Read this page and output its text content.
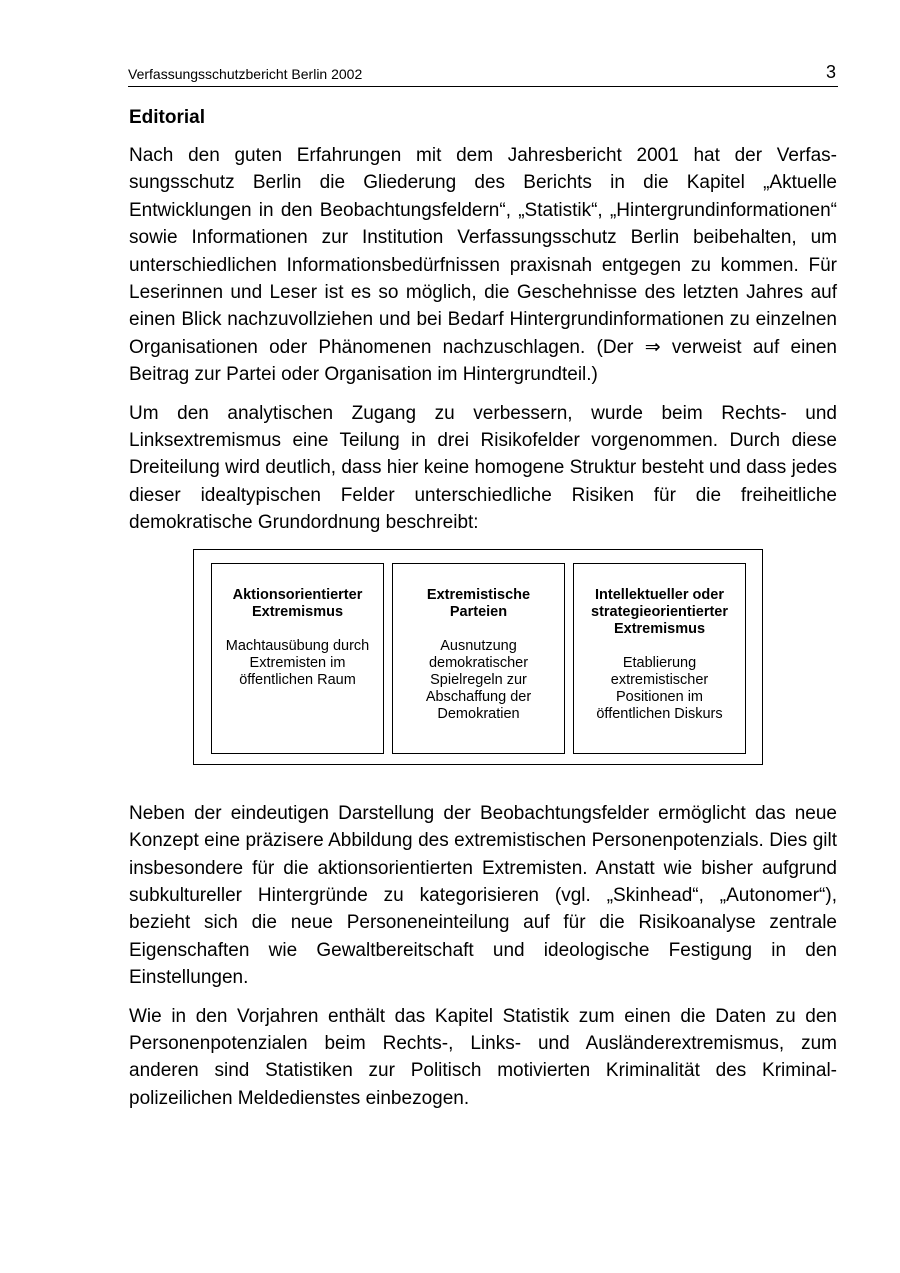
Verfassungsschutzbericht Berlin 2002	3
Editorial

Nach den guten Erfahrungen mit dem Jahresbericht 2001 hat der Verfassungsschutz Berlin die Gliederung des Berichts in die Kapitel „Aktuelle Entwicklungen in den Beobachtungsfeldern“, „Statistik“, „Hintergrundinformationen“ sowie Informationen zur Institution Verfassungsschutz Berlin beibehalten, um unterschiedlichen Informationsbedürfnissen praxisnah entgegen zu kommen. Für Leserinnen und Leser ist es so möglich, die Geschehnisse des letzten Jahres auf einen Blick nachzuvollziehen und bei Bedarf Hintergrundinformationen zu einzelnen Organisationen oder Phänomenen nachzuschlagen. (Der ⇒ verweist auf einen Beitrag zur Partei oder Organisation im Hintergrundteil.)

Um den analytischen Zugang zu verbessern, wurde beim Rechts- und Linksextremismus eine Teilung in drei Risikofelder vorgenommen. Durch diese Dreiteilung wird deutlich, dass hier keine homogene Struktur besteht und dass jedes dieser idealtypischen Felder unterschiedliche Risiken für die freiheitliche demokratische Grundordnung beschreibt:

Aktionsorientierter Extremismus
Machtausübung durch Extremisten im öffentlichen Raum
Extremistische Parteien
Ausnutzung demokratischer Spielregeln zur Abschaffung der Demokratien
Intellektueller oder strategieorientierter Extremismus
Etablierung extremistischer Positionen im öffentlichen Diskurs

Neben der eindeutigen Darstellung der Beobachtungsfelder ermöglicht das neue Konzept eine präzisere Abbildung des extremistischen Personenpotenzials. Dies gilt insbesondere für die aktionsorientierten Extremisten. Anstatt wie bisher aufgrund subkultureller Hintergründe zu kategorisieren (vgl. „Skinhead“, „Autonomer“), bezieht sich die neue Personeneinteilung auf für die Risikoanalyse zentrale Eigenschaften wie Gewaltbereitschaft und ideologische Festigung in den Einstellungen.

Wie in den Vorjahren enthält das Kapitel Statistik zum einen die Daten zu den Personenpotenzialen beim Rechts-, Links- und Ausländerextremismus, zum anderen sind Statistiken zur Politisch motivierten Kriminalität des Kriminalpolizeilichen Meldedienstes einbezogen.
